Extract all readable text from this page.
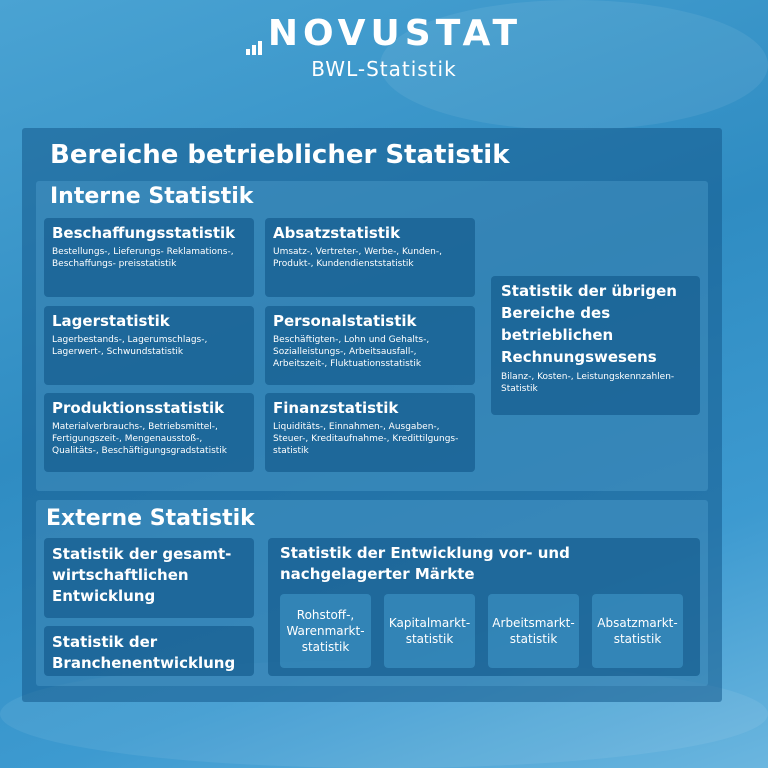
NOVUSTAT
BWL-Statistik
Bereiche betrieblicher Statistik
Interne Statistik
Beschaffungsstatistik

Bestellungs-, Lieferungs- Reklamations-, Beschaffungs- preisstatistik

Absatzstatistik

Umsatz-, Vertreter-, Werbe-, Kunden-, Produkt-, Kundendienststatistik

Lagerstatistik

Lagerbestands-, Lagerumschlags-, Lagerwert-, Schwundstatistik

Personalstatistik

Beschäftigten-, Lohn und Gehalts-, Sozialleistungs-, Arbeitsausfall-, Arbeitszeit-, Fluktuationsstatistik

Produktionsstatistik

Materialverbrauchs-, Betriebsmittel-, Fertigungszeit-, Mengenausstoß-, Qualitäts-, Beschäftigungsgradstatistik

Finanzstatistik

Liquiditäts-, Einnahmen-, Ausgaben-, Steuer-, Kreditaufnahme-, Kredittilgungs- statistik

Statistik der übrigen Bereiche des betrieblichen Rechnungswesens

Bilanz-, Kosten-, Leistungskennzahlen- Statistik

Externe Statistik
Statistik der gesamt- wirtschaftlichen Entwicklung
Statistik der Branchenentwicklung
Statistik der Entwicklung vor- und nachgelagerter Märkte
Rohstoff-, Warenmarkt- statistik
Kapitalmarkt- statistik
Arbeitsmarkt- statistik
Absatzmarkt- statistik
